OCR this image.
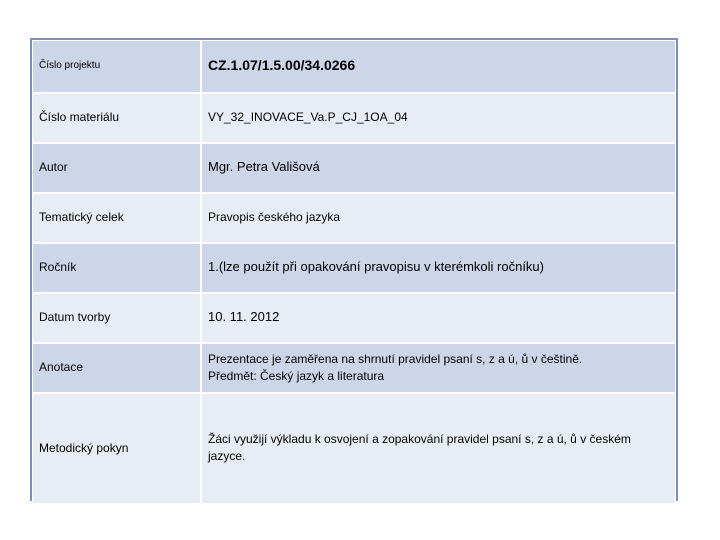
Číslo projektu	CZ.1.07/1.5.00/34.0266
Číslo materiálu	VY_32_INOVACE_Va.P_CJ_1OA_04
Autor	Mgr. Petra Vališová
Tematický celek	Pravopis českého jazyka
Ročník	1.(lze použít při opakování pravopisu v kterémkoli ročníku)
Datum tvorby	10. 11. 2012
Anotace	Prezentace je zaměřena na shrnutí pravidel psaní s, z a ú, ů v češtině.
Předmět: Český jazyk a literatura

Metodický pokyn	Žáci využijí výkladu k osvojení a zopakování pravidel psaní s, z a ú, ů v českém jazyce.
